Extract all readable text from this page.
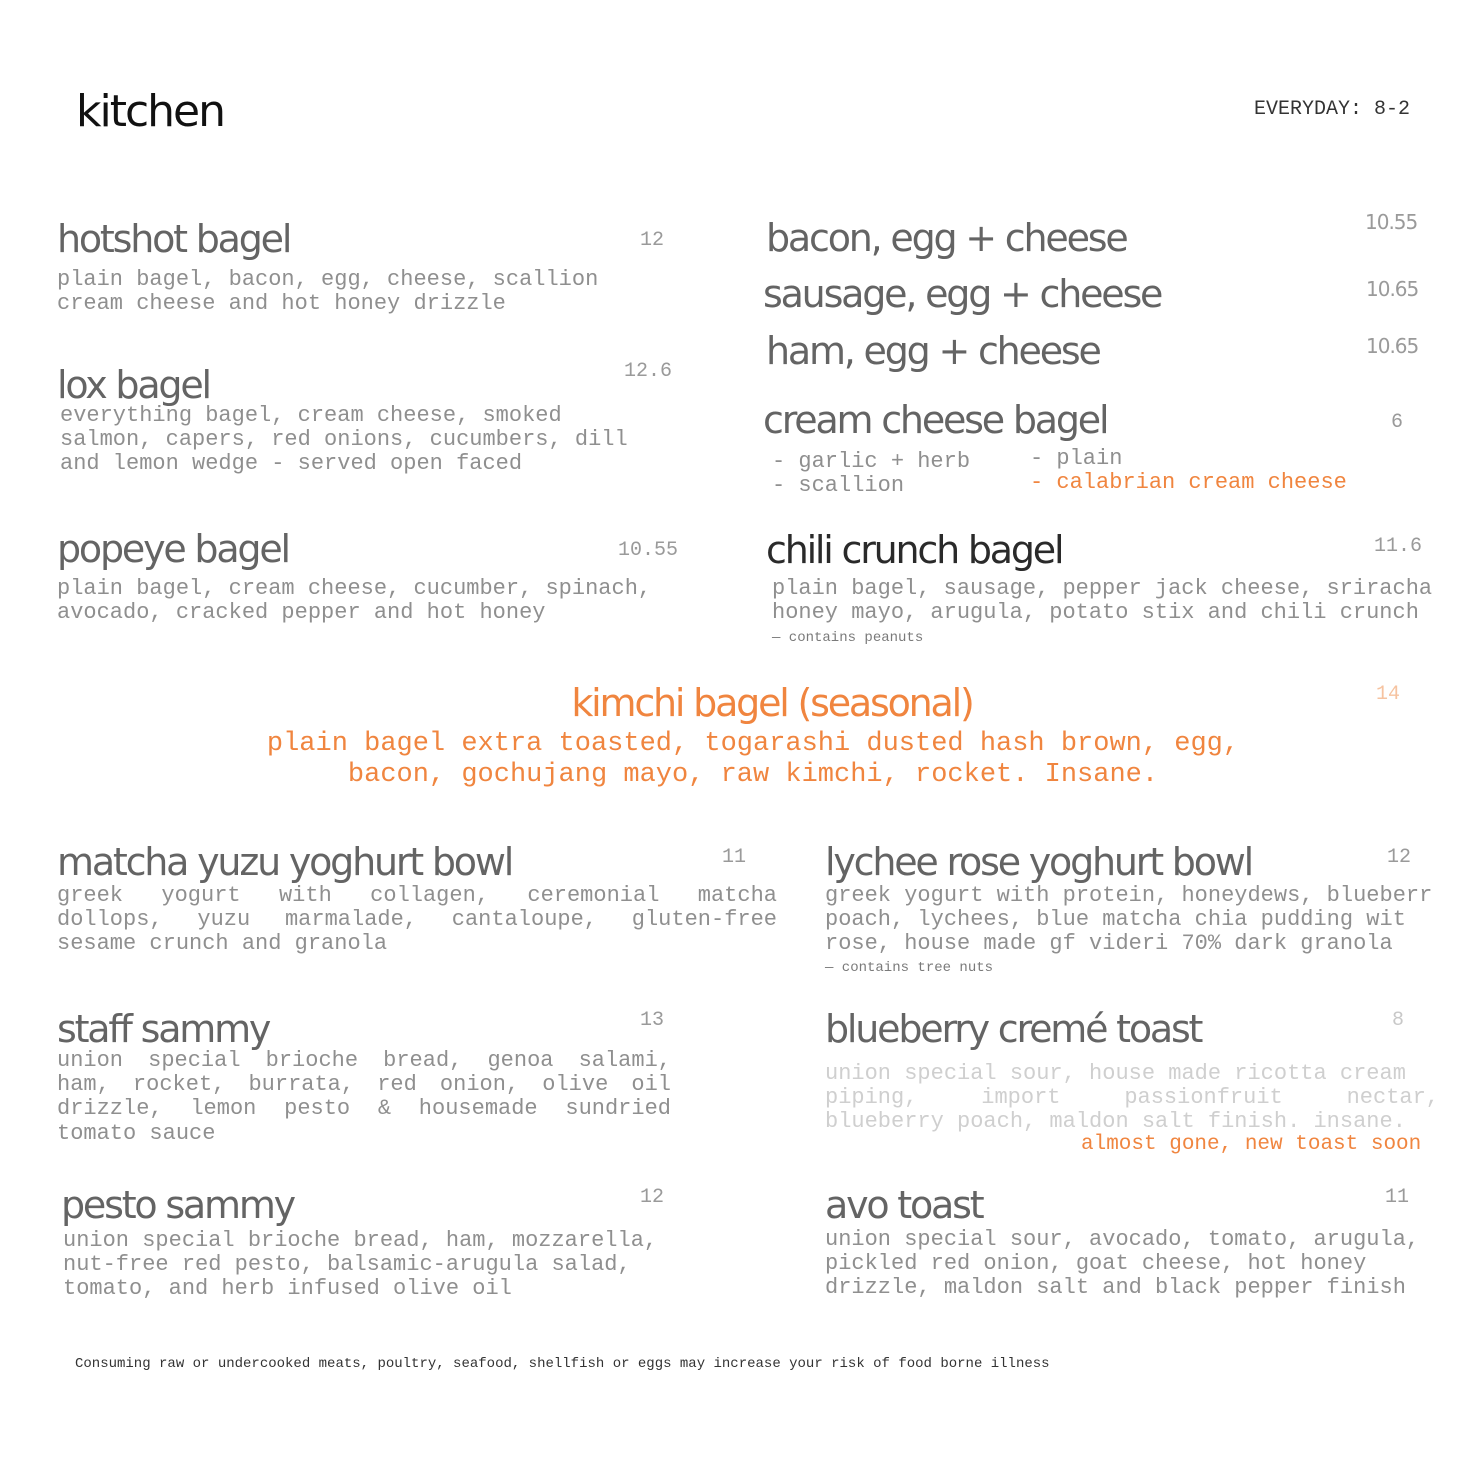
kitchen	EVERYDAY: 8-2
hotshot bagel	12
plain bagel, bacon, egg, cheese, scallion
cream cheese and hot honey drizzle
lox bagel	12.6
everything bagel, cream cheese, smoked
salmon, capers, red onions, cucumbers, dill
and lemon wedge - served open faced
popeye bagel	10.55
plain bagel, cream cheese, cucumber, spinach,
avocado, cracked pepper and hot honey
bacon, egg + cheese	10.55
sausage, egg + cheese	10.65
ham, egg + cheese	10.65
cream cheese bagel	6
- garlic + herb
- scallion
- plain
- calabrian cream cheese
chili crunch bagel	11.6
plain bagel, sausage, pepper jack cheese, sriracha
honey mayo, arugula, potato stix and chili crunch
— contains peanuts
kimchi bagel (seasonal)	14
plain bagel extra toasted, togarashi dusted hash brown, egg,
bacon, gochujang mayo, raw kimchi, rocket. Insane.
matcha yuzu yoghurt bowl	11
greek yogurt with collagen, ceremonial matcha
dollops, yuzu marmalade, cantaloupe, gluten-free
sesame crunch and granola
lychee rose yoghurt bowl	12
greek yogurt with protein, honeydews, blueberr
poach, lychees, blue matcha chia pudding wit
rose, house made gf videri 70% dark granola
— contains tree nuts
staff sammy	13
union special brioche bread, genoa salami,
ham, rocket, burrata, red onion, olive oil
drizzle, lemon pesto & housemade sundried
tomato sauce
blueberry cremé toast	8
union special sour, house made ricotta cream
piping, import passionfruit nectar,
blueberry poach, maldon salt finish. insane.
almost gone, new toast soon
pesto sammy	12
union special brioche bread, ham, mozzarella,
nut-free red pesto, balsamic-arugula salad,
tomato, and herb infused olive oil
avo toast	11
union special sour, avocado, tomato, arugula,
pickled red onion, goat cheese, hot honey
drizzle, maldon salt and black pepper finish
Consuming raw or undercooked meats, poultry, seafood, shellfish or eggs may increase your risk of food borne illness
